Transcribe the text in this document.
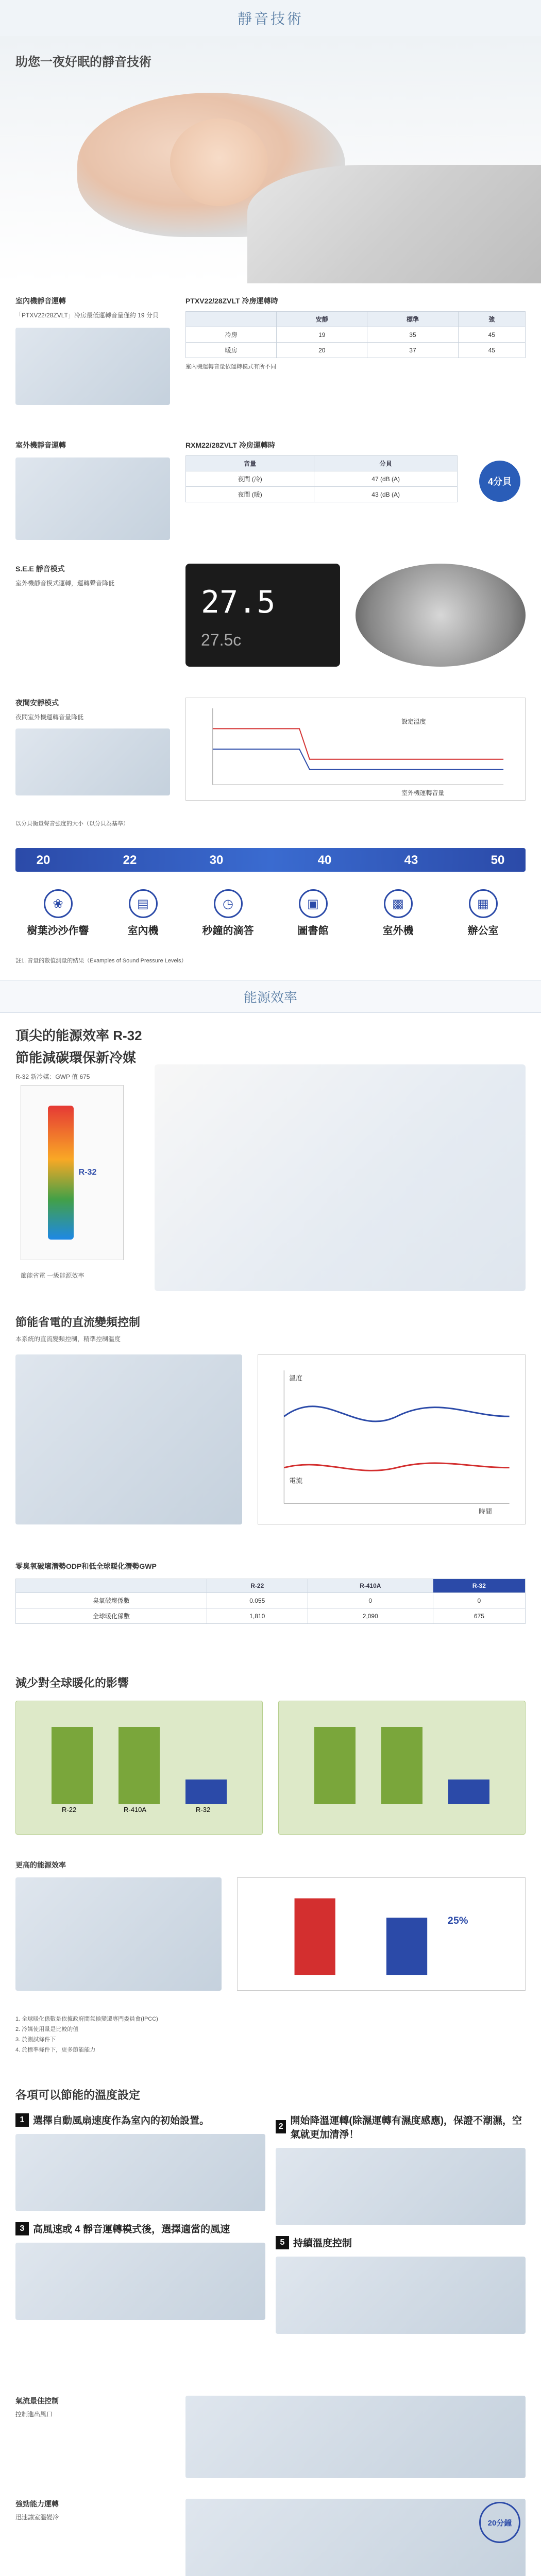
靜音技術
助您一夜好眠的靜音技術
室內機靜音運轉
「PTXV22/28ZVLT」冷房最低運轉音量僅約 19 分貝
PTXV22/28ZVLT 冷房運轉時
	安靜	標準	強
冷房	19	35	45
暖房	20	37	45
室內機運轉音量依運轉模式有所不同
室外機靜音運轉	RXM22/28ZVLT 冷房運轉時
音量	分貝
夜間 (冷)	47 (dB (A)
夜間 (暖)	43 (dB (A)
4分貝
S.E.E 靜音模式
室外機靜音模式運轉，運轉聲音降低
27.5
27.5c
夜間安靜模式
夜間室外機運轉音量降低
設定溫度
室外機運轉音量
以分貝衡量聲音強度的大小（以分貝為基準）
20	22	30	40	43	50
❀
樹葉沙沙作響
▤
室內機
◷
秒鐘的滴答
▣
圖書館
▩
室外機
▦
辦公室
註1. 音量的數值測量的結果（Examples of Sound Pressure Levels）
能源效率
頂尖的能源效率 R-32
節能減碳環保新冷媒
R-32 新冷媒：GWP 值 675
R-32
節能省電 一級能源效率
節能省電的直流變頻控制
本系統的直流變頻控制，精準控制溫度
溫度
電流
時間
零臭氧破壞潛勢ODP和低全球暖化潛勢GWP
	R-22	R-410A	R-32
臭氧破壞係數	0.055	0	0
全球暖化係數	1,810	2,090	675
減少對全球暖化的影響
R-22	R-410A	R-32
更高的能源效率
25%
1. 全球暖化係數是依據政府間氣候變遷專門委員會(IPCC)
2. 冷媒使用量是比較的值
3. 於測試條件下
4. 於標準條件下，更多節能能力
各項可以節能的溫度設定
1 選擇自動風扇速度作為室內的初始設置。
3 高風速或 4 靜音運轉模式後，選擇適當的風速
2
開始降溫運轉(除濕運轉有濕度感應)，保證不潮濕，空氣就更加清淨！
5 持續溫度控制
氣流最佳控制
控制進出風口
強勁能力運轉
迅速讓室溫變冷
20分鐘
